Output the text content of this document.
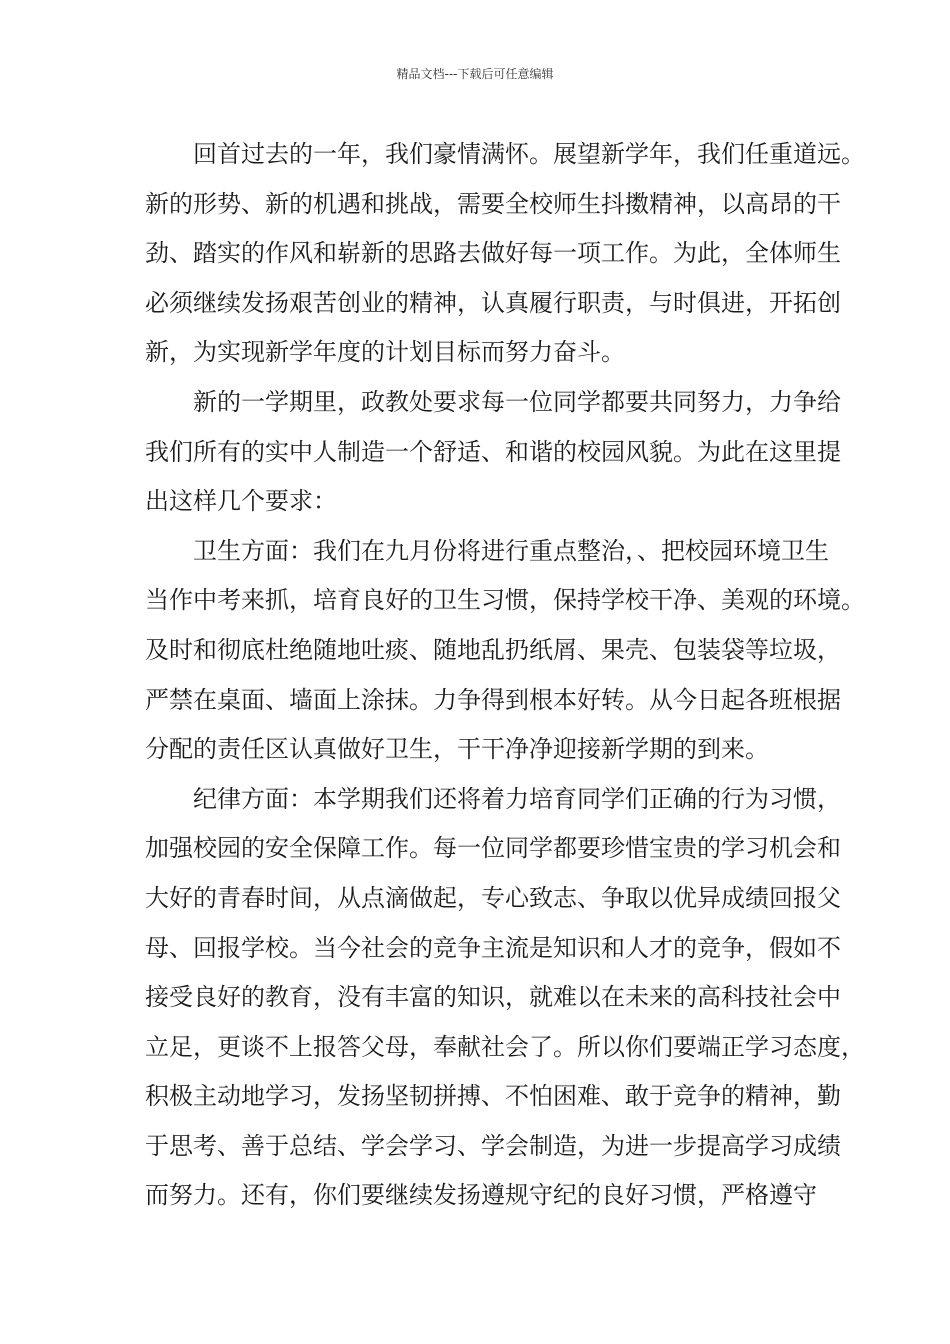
精品文档---下载后可任意编辑
　　回首过去的一年，我们豪情满怀。展望新学年，我们任重道远。
新的形势、新的机遇和挑战，需要全校师生抖擞精神，以高昂的干
劲、踏实的作风和崭新的思路去做好每一项工作。为此，全体师生
必须继续发扬艰苦创业的精神，认真履行职责，与时俱进，开拓创
新，为实现新学年度的计划目标而努力奋斗。
　　新的一学期里，政教处要求每一位同学都要共同努力，力争给
我们所有的实中人制造一个舒适、和谐的校园风貌。为此在这里提
出这样几个要求：
　　卫生方面：我们在九月份将进行重点整治，、把校园环境卫生
当作中考来抓，培育良好的卫生习惯，保持学校干净、美观的环境。
及时和彻底杜绝随地吐痰、随地乱扔纸屑、果壳、包装袋等垃圾，
严禁在桌面、墙面上涂抹。力争得到根本好转。从今日起各班根据
分配的责任区认真做好卫生，干干净净迎接新学期的到来。
　　纪律方面：本学期我们还将着力培育同学们正确的行为习惯，
加强校园的安全保障工作。每一位同学都要珍惜宝贵的学习机会和
大好的青春时间，从点滴做起，专心致志、争取以优异成绩回报父
母、回报学校。当今社会的竞争主流是知识和人才的竞争，假如不
接受良好的教育，没有丰富的知识，就难以在未来的高科技社会中
立足，更谈不上报答父母，奉献社会了。所以你们要端正学习态度，
积极主动地学习，发扬坚韧拼搏、不怕困难、敢于竞争的精神，勤
于思考、善于总结、学会学习、学会制造，为进一步提高学习成绩
而努力。还有，你们要继续发扬遵规守纪的良好习惯，严格遵守
